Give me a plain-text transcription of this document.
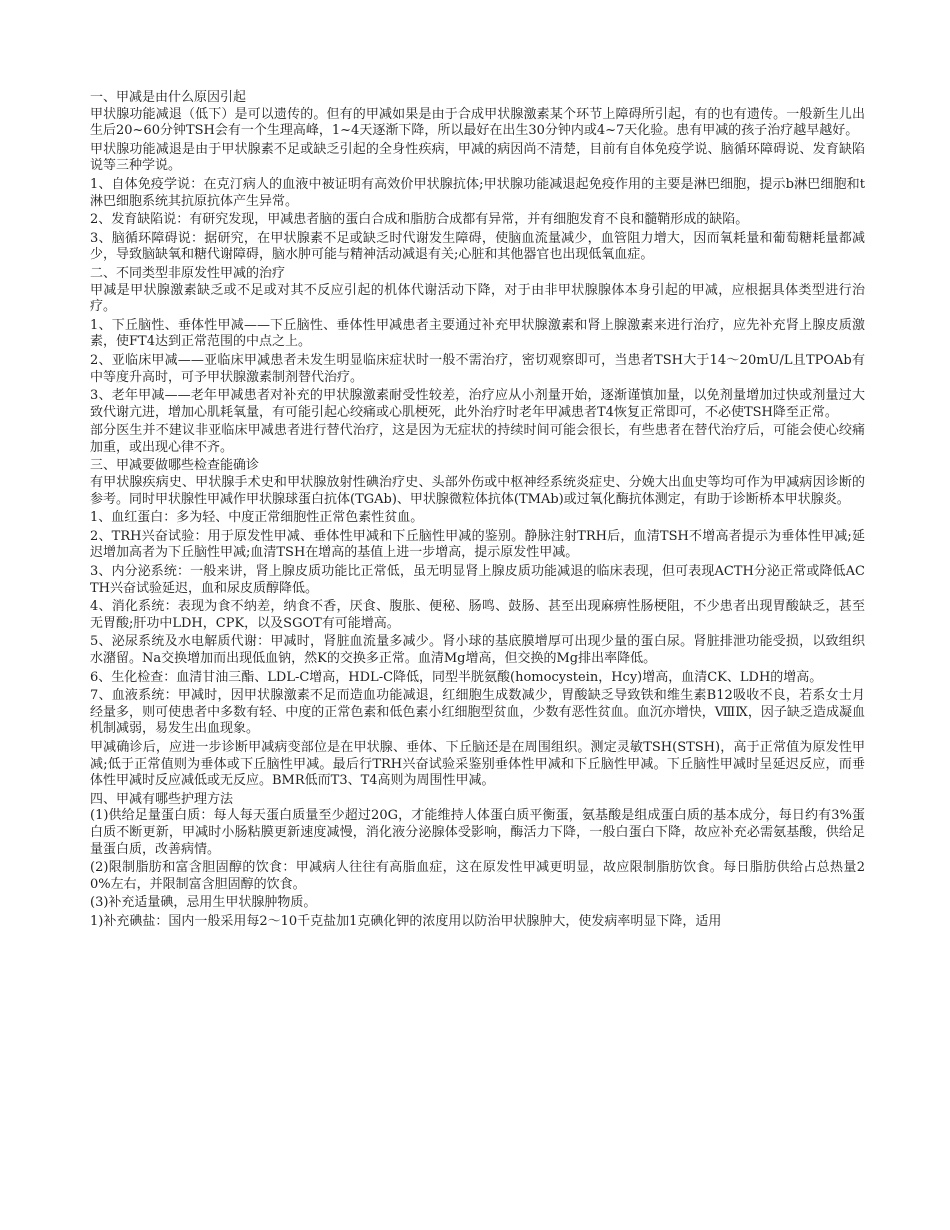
一、甲减是由什么原因引起

甲状腺功能减退（低下）是可以遗传的。但有的甲减如果是由于合成甲状腺激素某个环节上障碍所引起，有的也有遗传。一般新生儿出生后20~60分钟TSH会有一个生理高峰，1~4天逐渐下降，所以最好在出生30分钟内或4~7天化验。患有甲减的孩子治疗越早越好。

甲状腺功能减退是由于甲状腺素不足或缺乏引起的全身性疾病，甲减的病因尚不清楚，目前有自体免疫学说、脑循环障碍说、发育缺陷说等三种学说。

1、自体免疫学说：在克汀病人的血液中被证明有高效价甲状腺抗体;甲状腺功能减退起免疫作用的主要是淋巴细胞，提示b淋巴细胞和t淋巴细胞系统其抗原抗体产生异常。

2、发育缺陷说：有研究发现，甲减患者脑的蛋白合成和脂肪合成都有异常，并有细胞发育不良和髓鞘形成的缺陷。

3、脑循环障碍说：据研究，在甲状腺素不足或缺乏时代谢发生障碍，使脑血流量减少，血管阻力增大，因而氧耗量和葡萄糖耗量都减少，导致脑缺氧和糖代谢障碍，脑水肿可能与精神活动减退有关;心脏和其他器官也出现低氧血症。

二、不同类型非原发性甲减的治疗

甲减是甲状腺激素缺乏或不足或对其不反应引起的机体代谢活动下降，对于由非甲状腺腺体本身引起的甲减，应根据具体类型进行治疗。

1、下丘脑性、垂体性甲减——下丘脑性、垂体性甲减患者主要通过补充甲状腺激素和肾上腺激素来进行治疗，应先补充肾上腺皮质激素，使FT4达到正常范围的中点之上。

2、亚临床甲减——亚临床甲减患者未发生明显临床症状时一般不需治疗，密切观察即可，当患者TSH大于14～20mU/L且TPOAb有中等度升高时，可予甲状腺激素制剂替代治疗。

3、老年甲减——老年甲减患者对补充的甲状腺激素耐受性较差，治疗应从小剂量开始，逐渐谨慎加量，以免剂量增加过快或剂量过大致代谢亢进，增加心肌耗氧量，有可能引起心绞痛或心肌梗死，此外治疗时老年甲减患者T4恢复正常即可，不必使TSH降至正常。

部分医生并不建议非亚临床甲减患者进行替代治疗，这是因为无症状的持续时间可能会很长，有些患者在替代治疗后，可能会使心绞痛加重，或出现心律不齐。

三、甲减要做哪些检查能确诊

有甲状腺疾病史、甲状腺手术史和甲状腺放射性碘治疗史、头部外伤或中枢神经系统炎症史、分娩大出血史等均可作为甲减病因诊断的参考。同时甲状腺性甲减作甲状腺球蛋白抗体(TGAb)、甲状腺微粒体抗体(TMAb)或过氧化酶抗体测定，有助于诊断桥本甲状腺炎。

1、血红蛋白：多为轻、中度正常细胞性正常色素性贫血。

2、TRH兴奋试验：用于原发性甲减、垂体性甲减和下丘脑性甲减的鉴别。静脉注射TRH后，血清TSH不增高者提示为垂体性甲减;延迟增加高者为下丘脑性甲减;血清TSH在增高的基值上进一步增高，提示原发性甲减。

3、内分泌系统：一般来讲，肾上腺皮质功能比正常低，虽无明显肾上腺皮质功能减退的临床表现，但可表现ACTH分泌正常或降低ACTH兴奋试验延迟，血和尿皮质醇降低。

4、消化系统：表现为食不纳差，纳食不香，厌食、腹胀、便秘、肠鸣、鼓肠、甚至出现麻痹性肠梗阻，不少患者出现胃酸缺乏，甚至无胃酸;肝功中LDH，CPK，以及SGOT有可能增高。

5、泌尿系统及水电解质代谢：甲减时，肾脏血流量多减少。肾小球的基底膜增厚可出现少量的蛋白尿。肾脏排泄功能受损，以致组织水潴留。Na交换增加而出现低血钠，然K的交换多正常。血清Mg增高，但交换的Mg排出率降低。

6、生化检查：血清甘油三酯、LDL-C增高，HDL-C降低，同型半胱氨酸(homocystein，Hcy)增高，血清CK、LDH的增高。

7、血液系统：甲减时，因甲状腺激素不足而造血功能减退，红细胞生成数减少，胃酸缺乏导致铁和维生素B12吸收不良，若系女士月经量多，则可使患者中多数有轻、中度的正常色素和低色素小红细胞型贫血，少数有恶性贫血。血沉亦增快，ⅧⅨ，因子缺乏造成凝血机制减弱，易发生出血现象。

甲减确诊后，应进一步诊断甲减病变部位是在甲状腺、垂体、下丘脑还是在周围组织。测定灵敏TSH(STSH)，高于正常值为原发性甲减;低于正常值则为垂体或下丘脑性甲减。最后行TRH兴奋试验采鉴别垂体性甲减和下丘脑性甲减。下丘脑性甲减时呈延迟反应，而垂体性甲减时反应减低或无反应。BMR低而T3、T4高则为周围性甲减。

四、甲减有哪些护理方法

(1)供给足量蛋白质：每人每天蛋白质量至少超过20G，才能维持人体蛋白质平衡蛋，氨基酸是组成蛋白质的基本成分，每日约有3%蛋白质不断更新，甲减时小肠粘膜更新速度减慢，消化液分泌腺体受影响，酶活力下降，一般白蛋白下降，故应补充必需氨基酸，供给足量蛋白质，改善病情。

(2)限制脂肪和富含胆固醇的饮食：甲减病人往往有高脂血症，这在原发性甲减更明显，故应限制脂肪饮食。每日脂肪供给占总热量20%左右，并限制富含胆固醇的饮食。

(3)补充适量碘，忌用生甲状腺肿物质。

1)补充碘盐：国内一般采用每2～10千克盐加1克碘化钾的浓度用以防治甲状腺肿大，使发病率明显下降，适用
